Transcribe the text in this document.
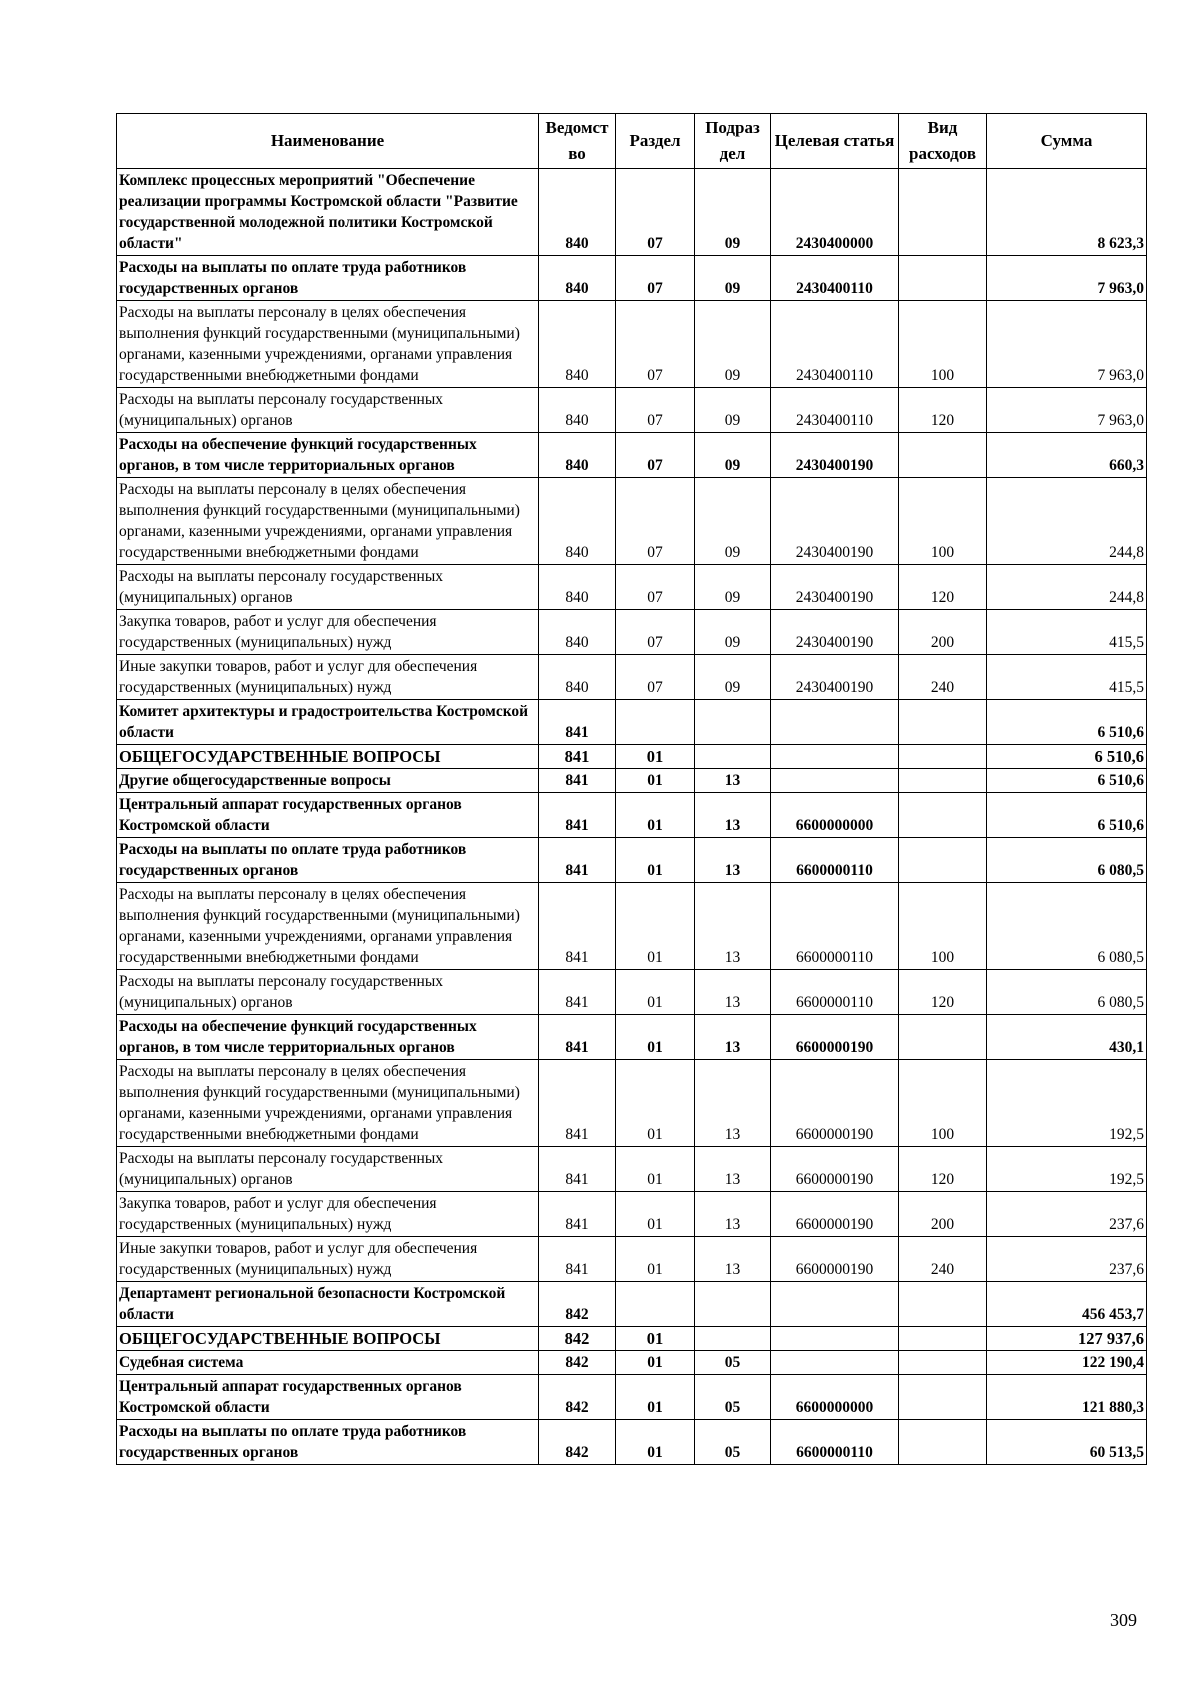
Наименование	Ведомст во	Раздел	Подраз дел	Целевая статья	Вид расходов	Сумма
Комплекс процессных мероприятий "Обеспечение реализации программы Костромской области "Развитие государственной молодежной политики Костромской области"	840	07	09	2430400000		8 623,3
Расходы на выплаты по оплате труда работников государственных органов	840	07	09	2430400110		7 963,0
Расходы на выплаты персоналу в целях обеспечения выполнения функций государственными (муниципальными) органами, казенными учреждениями, органами управления государственными внебюджетными фондами	840	07	09	2430400110	100	7 963,0
Расходы на выплаты персоналу государственных (муниципальных) органов	840	07	09	2430400110	120	7 963,0
Расходы на обеспечение функций государственных органов, в том числе территориальных органов	840	07	09	2430400190		660,3
Расходы на выплаты персоналу в целях обеспечения выполнения функций государственными (муниципальными) органами, казенными учреждениями, органами управления государственными внебюджетными фондами	840	07	09	2430400190	100	244,8
Расходы на выплаты персоналу государственных (муниципальных) органов	840	07	09	2430400190	120	244,8
Закупка товаров, работ и услуг для обеспечения государственных (муниципальных) нужд	840	07	09	2430400190	200	415,5
Иные закупки товаров, работ и услуг для обеспечения государственных (муниципальных) нужд	840	07	09	2430400190	240	415,5
Комитет архитектуры и градостроительства Костромской области	841					6 510,6
ОБЩЕГОСУДАРСТВЕННЫЕ ВОПРОСЫ	841	01				6 510,6
Другие общегосударственные вопросы	841	01	13			6 510,6
Центральный аппарат государственных органов Костромской области	841	01	13	6600000000		6 510,6
Расходы на выплаты по оплате труда работников государственных органов	841	01	13	6600000110		6 080,5
Расходы на выплаты персоналу в целях обеспечения выполнения функций государственными (муниципальными) органами, казенными учреждениями, органами управления государственными внебюджетными фондами	841	01	13	6600000110	100	6 080,5
Расходы на выплаты персоналу государственных (муниципальных) органов	841	01	13	6600000110	120	6 080,5
Расходы на обеспечение функций государственных органов, в том числе территориальных органов	841	01	13	6600000190		430,1
Расходы на выплаты персоналу в целях обеспечения выполнения функций государственными (муниципальными) органами, казенными учреждениями, органами управления государственными внебюджетными фондами	841	01	13	6600000190	100	192,5
Расходы на выплаты персоналу государственных (муниципальных) органов	841	01	13	6600000190	120	192,5
Закупка товаров, работ и услуг для обеспечения государственных (муниципальных) нужд	841	01	13	6600000190	200	237,6
Иные закупки товаров, работ и услуг для обеспечения государственных (муниципальных) нужд	841	01	13	6600000190	240	237,6
Департамент региональной безопасности Костромской области	842					456 453,7
ОБЩЕГОСУДАРСТВЕННЫЕ ВОПРОСЫ	842	01				127 937,6
Судебная система	842	01	05			122 190,4
Центральный аппарат государственных органов Костромской области	842	01	05	6600000000		121 880,3
Расходы на выплаты по оплате труда работников государственных органов	842	01	05	6600000110		60 513,5
309
